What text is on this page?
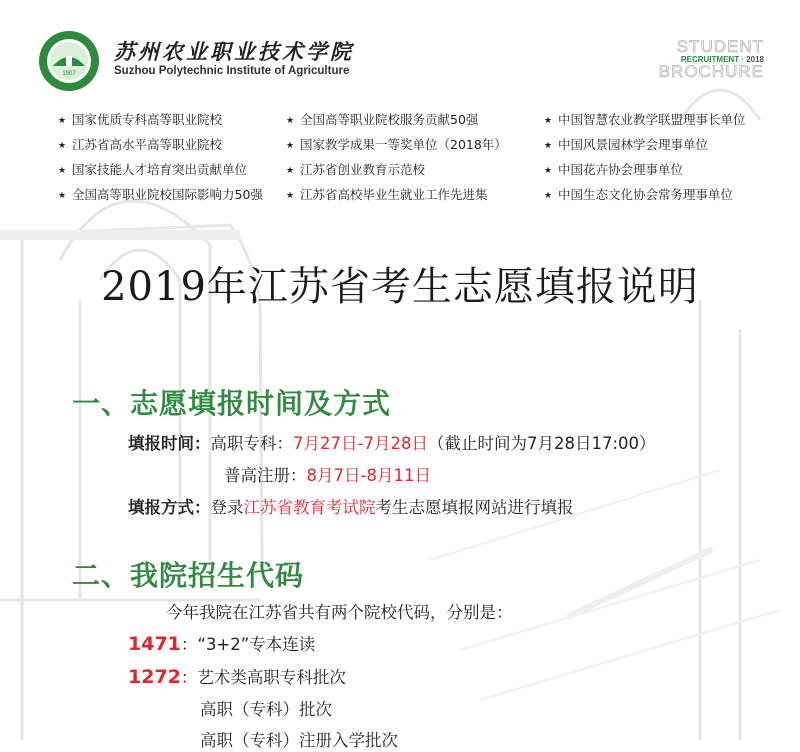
1907
苏州农业职业技术学院
Suzhou Polytechnic Institute of Agriculture
STUDENT
RECRUITMENT · 2018
BROCHURE
★ 国家优质专科高等职业院校	★ 全国高等职业院校服务贡献50强	★ 中国智慧农业教学联盟理事长单位
★ 江苏省高水平高等职业院校	★ 国家教学成果一等奖单位（2018年）	★ 中国风景园林学会理事单位
★ 国家技能人才培育突出贡献单位	★ 江苏省创业教育示范校	★ 中国花卉协会理事单位
★ 全国高等职业院校国际影响力50强	★ 江苏省高校毕业生就业工作先进集	★ 中国生态文化协会常务理事单位
2019年江苏省考生志愿填报说明
一、志愿填报时间及方式
填报时间：高职专科：7月27日-7月28日（截止时间为7月28日17:00）
普高注册：8月7日-8月11日
填报方式：登录江苏省教育考试院考生志愿填报网站进行填报
二、我院招生代码
今年我院在江苏省共有两个院校代码，分别是：
1471：“3+2”专本连读
1272：艺术类高职专科批次
高职（专科）批次
高职（专科）注册入学批次
